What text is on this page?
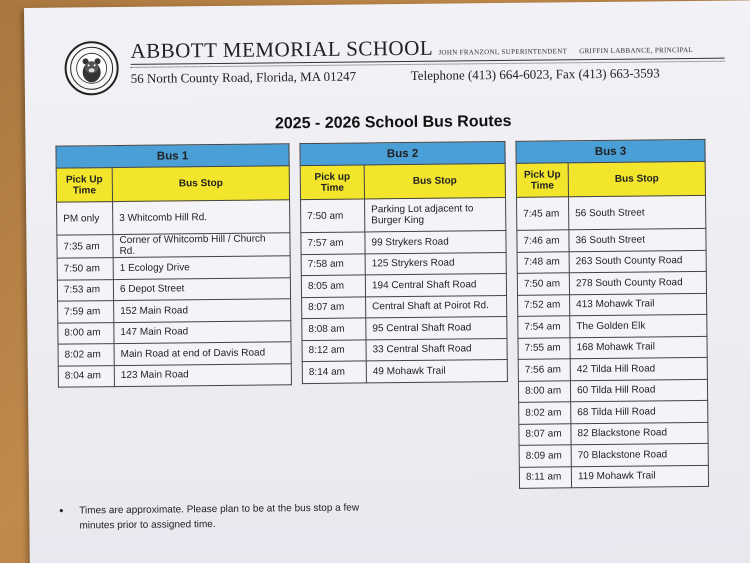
ABBOTT MEMORIAL SCHOOL JOHN FRANZONI, SUPERINTENDENT GRIFFIN LABBANCE, PRINCIPAL
56 North County Road, Florida, MA 01247	Telephone (413) 664-6023, Fax (413) 663-3593
2025 - 2026 School Bus Routes
Bus 1	
Pick Up Time	Bus Stop
PM only	3 Whitcomb Hill Rd.
7:35 am	Corner of Whitcomb Hill / Church Rd.
7:50 am	1 Ecology Drive
7:53 am	6 Depot Street
7:59 am	152 Main Road
8:00 am	147 Main Road
8:02 am	Main Road at end of Davis Road
8:04 am	123 Main Road
Bus 2	
Pick up Time	Bus Stop
7:50 am	Parking Lot adjacent to Burger King
7:57 am	99 Strykers Road
7:58 am	125 Strykers Road
8:05 am	194 Central Shaft Road
8:07 am	Central Shaft at Poirot Rd.
8:08 am	95 Central Shaft Road
8:12 am	33 Central Shaft Road
8:14 am	49 Mohawk Trail
Bus 3	
Pick Up Time	Bus Stop
7:45 am	56 South Street
7:46 am	36 South Street
7:48 am	263 South County Road
7:50 am	278 South County Road
7:52 am	413 Mohawk Trail
7:54 am	The Golden Elk
7:55 am	168 Mohawk Trail
7:56 am	42 Tilda Hill Road
8:00 am	60 Tilda Hill Road
8:02 am	68 Tilda Hill Road
8:07 am	82 Blackstone Road
8:09 am	70 Blackstone Road
8:11 am	119 Mohawk Trail
• Times are approximate. Please plan to be at the bus stop a few minutes prior to assigned time.
